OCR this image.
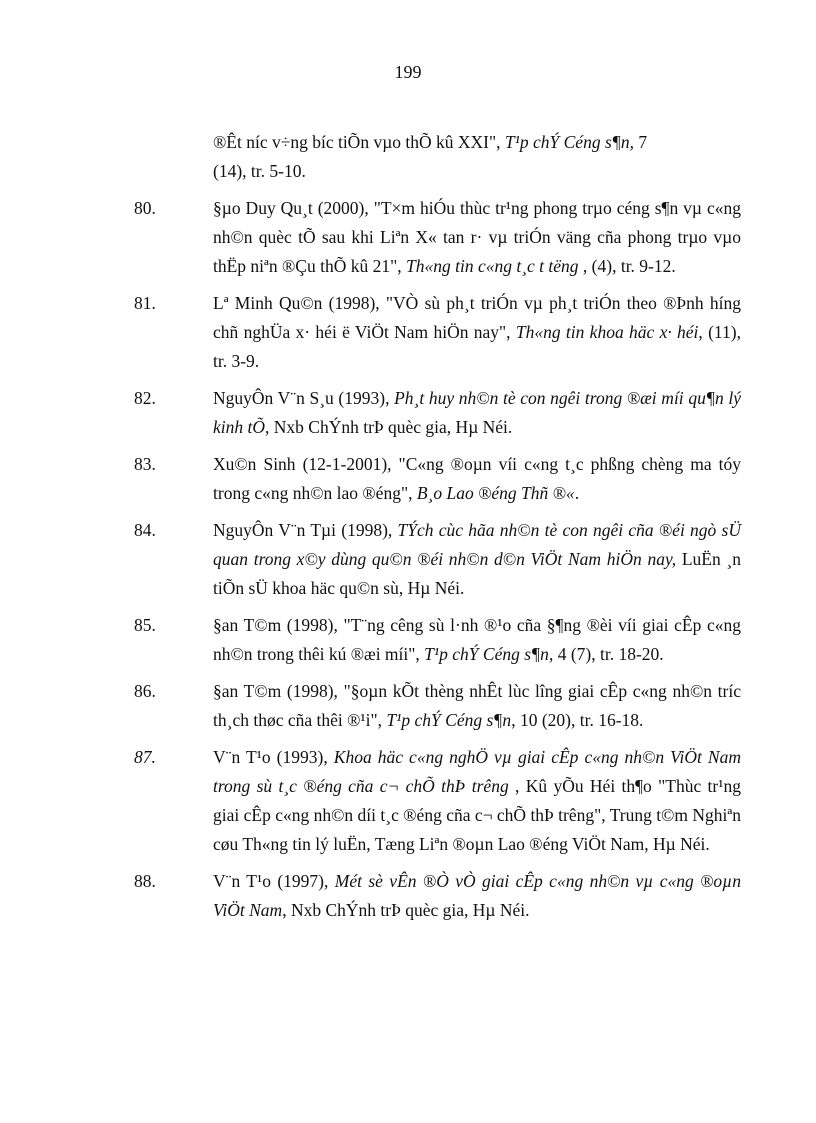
199
®Êt níc v÷ng bíc tiÕn vµo thÕ kû XXI", T¹p chÝ Céng s¶n, 7
(14), tr. 5-10.
80.	§µo Duy Qu¸t (2000), "T×m hiÓu thùc tr¹ng phong trµo céng s¶n vµ c«ng nh©n quèc tÕ sau khi Liªn X« tan r· vµ triÓn väng cña phong trµo vµo thËp niªn ®Çu thÕ kû 21", Th«ng tin c«ng t¸c t tëng , (4), tr. 9-12.
81.	Lª Minh Qu©n (1998), "VÒ sù ph¸t triÓn vµ ph¸t triÓn theo ®Þnh híng chñ nghÜa x· héi ë ViÖt Nam hiÖn nay", Th«ng tin khoa häc x· héi, (11), tr. 3-9.
82.	NguyÔn V¨n S¸u (1993), Ph¸t huy nh©n tè con ngêi trong ®æi míi qu¶n lý kinh tÕ, Nxb ChÝnh trÞ quèc gia, Hµ Néi.
83.	Xu©n Sinh (12-1-2001), "C«ng ®oµn víi c«ng t¸c phßng chèng ma tóy trong c«ng nh©n lao ®éng", B¸o Lao ®éng Thñ ®«.
84.	NguyÔn V¨n Tµi (1998), TÝch cùc hãa nh©n tè con ngêi cña ®éi ngò sÜ quan trong x©y dùng qu©n ®éi nh©n d©n ViÖt Nam hiÖn nay, LuËn ¸n tiÕn sÜ khoa häc qu©n sù, Hµ Néi.
85.	§an T©m (1998), "T¨ng cêng sù l·nh ®¹o cña §¶ng ®èi víi giai cÊp c«ng nh©n trong thêi kú ®æi míi", T¹p chÝ Céng s¶n, 4 (7), tr. 18-20.
86.	§an T©m (1998), "§oµn kÕt thèng nhÊt lùc lîng giai cÊp c«ng nh©n tríc th¸ch thøc cña thêi ®¹i", T¹p chÝ Céng s¶n, 10 (20), tr. 16-18.
87.	V¨n T¹o (1993), Khoa häc c«ng nghÖ vµ giai cÊp c«ng nh©n ViÖt Nam trong sù t¸c ®éng cña c¬ chÕ thÞ trêng , Kû yÕu Héi th¶o "Thùc tr¹ng giai cÊp c«ng nh©n díi t¸c ®éng cña c¬ chÕ thÞ trêng", Trung t©m Nghiªn cøu Th«ng tin lý luËn, Tæng Liªn ®oµn Lao ®éng ViÖt Nam, Hµ Néi.
88.	V¨n T¹o (1997), Mét sè vÊn ®Ò vÒ giai cÊp c«ng nh©n vµ c«ng ®oµn ViÖt Nam, Nxb ChÝnh trÞ quèc gia, Hµ Néi.
